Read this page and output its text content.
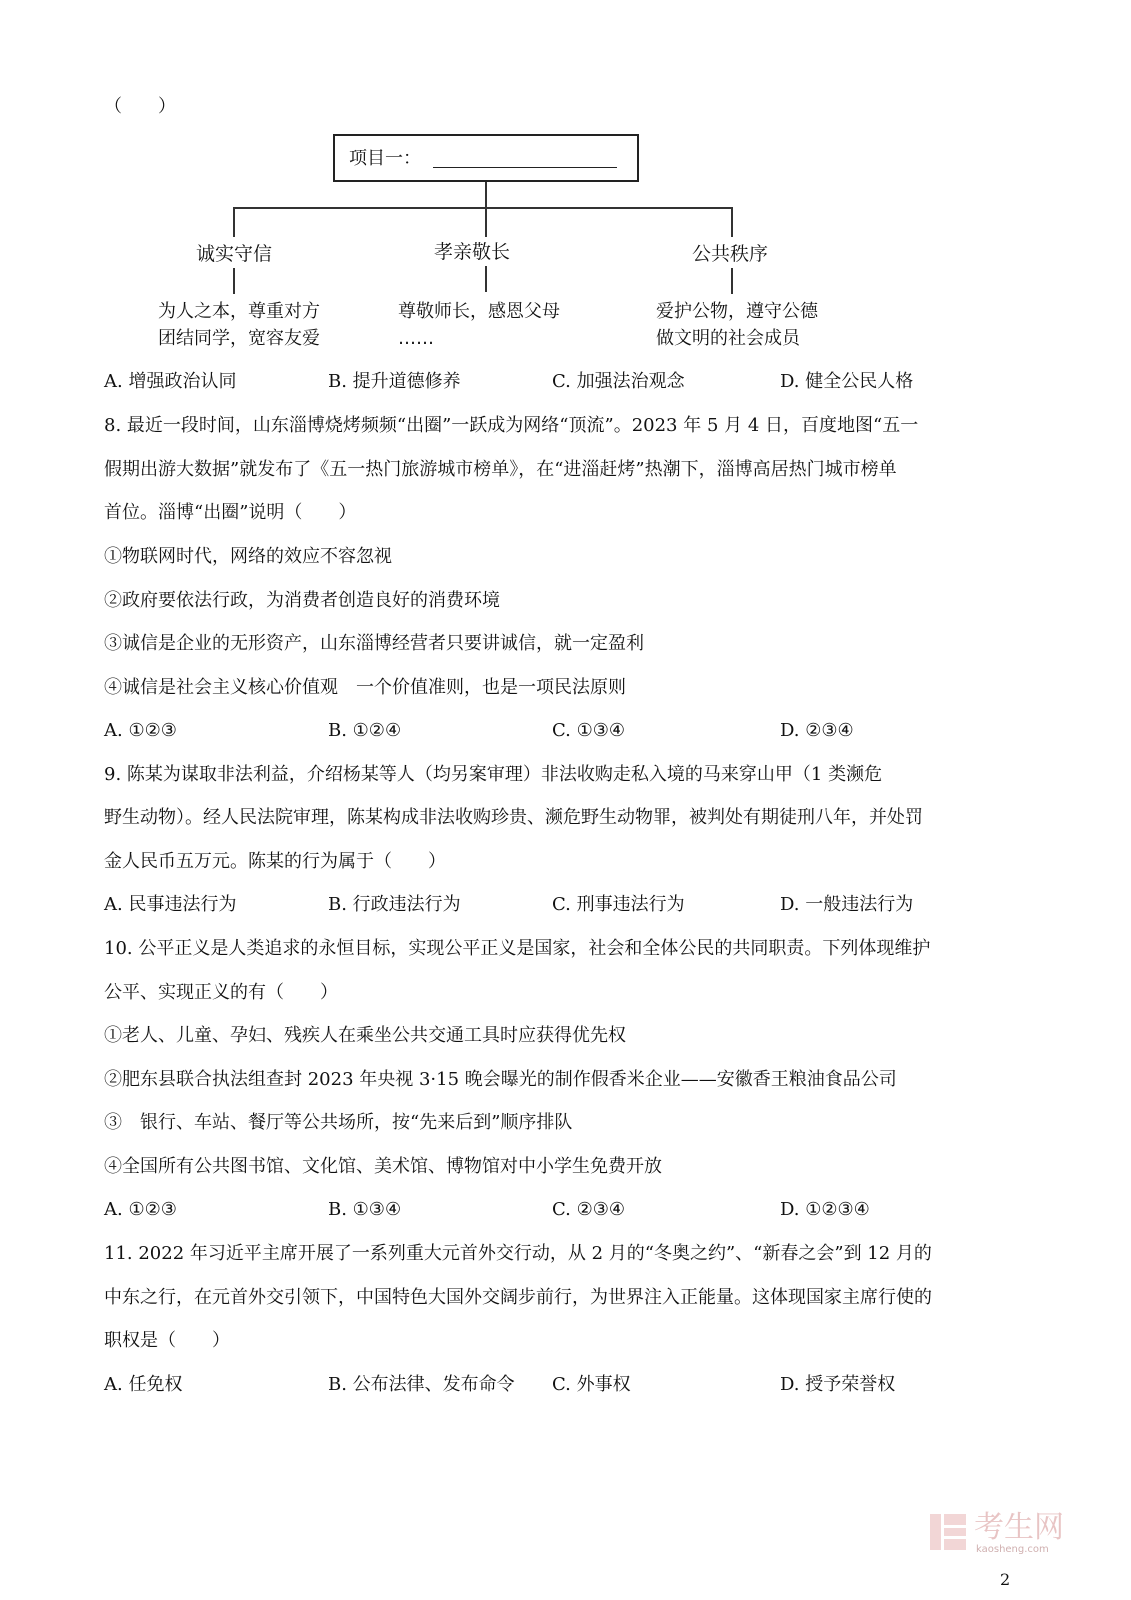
（　　）
项目一：
诚实守信	孝亲敬长	公共秩序
为人之本，尊重对方
团结同学，宽容友爱
尊敬师长，感恩父母
……
爱护公物，遵守公德
做文明的社会成员
A. 增强政治认同	B. 提升道德修养	C. 加强法治观念	D. 健全公民人格
8. 最近一段时间，山东淄博烧烤频频“出圈”一跃成为网络“顶流”。2023 年 5 月 4 日，百度地图“五一
假期出游大数据”就发布了《五一热门旅游城市榜单》，在“进淄赶烤”热潮下，淄博高居热门城市榜单
首位。淄博“出圈”说明（　　）
①物联网时代，网络的效应不容忽视
②政府要依法行政，为消费者创造良好的消费环境
③诚信是企业的无形资产，山东淄博经营者只要讲诚信，就一定盈利
④诚信是社会主义核心价值观　一个价值准则，也是一项民法原则
A. ①②③	B. ①②④	C. ①③④	D. ②③④
9. 陈某为谋取非法利益，介绍杨某等人（均另案审理）非法收购走私入境的马来穿山甲（1 类濒危
野生动物）。经人民法院审理，陈某构成非法收购珍贵、濒危野生动物罪，被判处有期徒刑八年，并处罚
金人民币五万元。陈某的行为属于（　　）
A. 民事违法行为	B. 行政违法行为	C. 刑事违法行为	D. 一般违法行为
10. 公平正义是人类追求的永恒目标，实现公平正义是国家，社会和全体公民的共同职责。下列体现维护
公平、实现正义的有（　　）
①老人、儿童、孕妇、残疾人在乘坐公共交通工具时应获得优先权
②肥东县联合执法组查封 2023 年央视 3·15 晚会曝光的制作假香米企业——安徽香王粮油食品公司
③　银行、车站、餐厅等公共场所，按“先来后到”顺序排队
④全国所有公共图书馆、文化馆、美术馆、博物馆对中小学生免费开放
A. ①②③	B. ①③④	C. ②③④	D. ①②③④
11. 2022 年习近平主席开展了一系列重大元首外交行动，从 2 月的“冬奥之约”、“新春之会”到 12 月的
中东之行，在元首外交引领下，中国特色大国外交阔步前行，为世界注入正能量。这体现国家主席行使的
职权是（　　）
A. 任免权	B. 公布法律、发布命令 C. 外事权	D. 授予荣誉权
考生网
kaosheng.com
2
